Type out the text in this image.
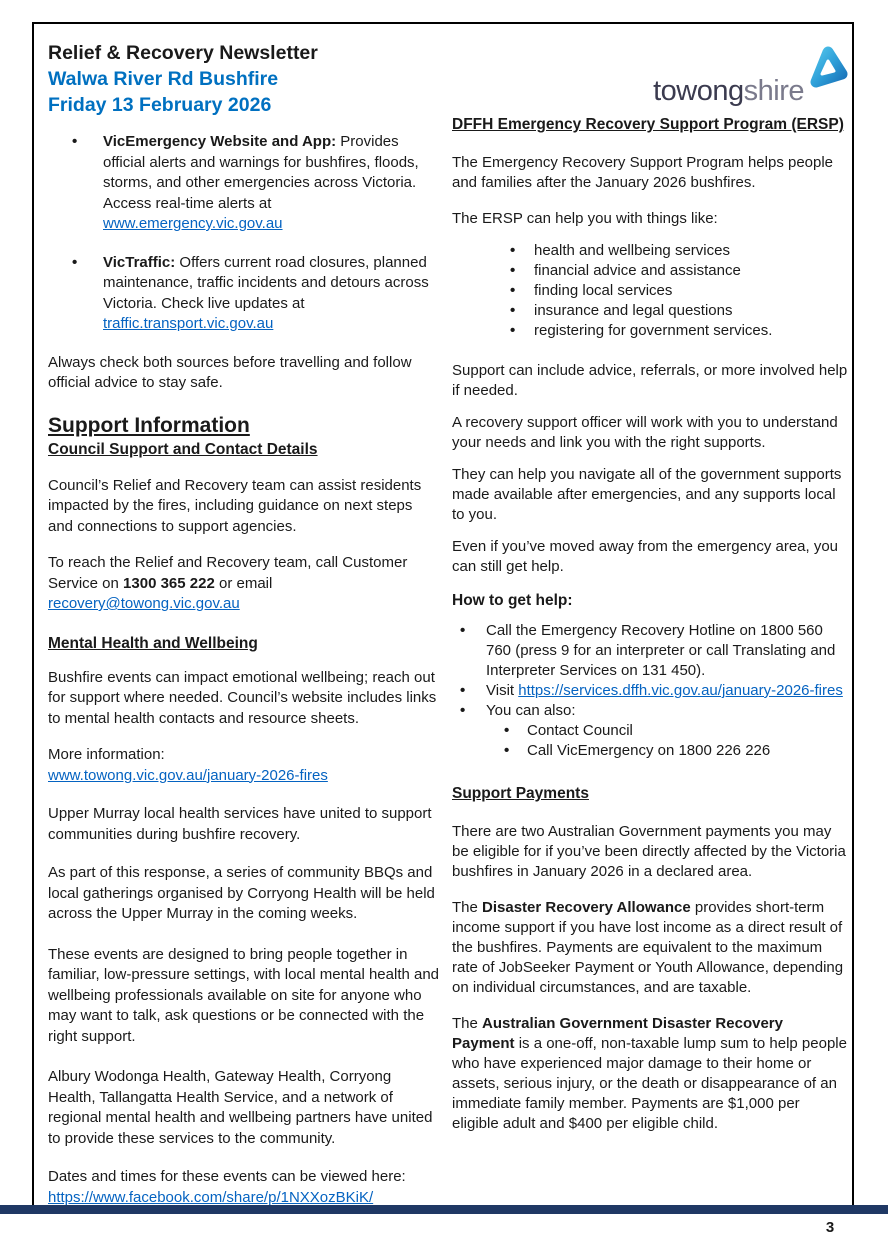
Relief & Recovery Newsletter
Walwa River Rd Bushfire
Friday 13 February 2026
• VicEmergency Website and App: Provides official alerts and warnings for bushfires, floods, storms, and other emergencies across Victoria. Access real-time alerts at www.emergency.vic.gov.au
• VicTraffic: Offers current road closures, planned maintenance, traffic incidents and detours across Victoria. Check live updates at traffic.transport.vic.gov.au

Always check both sources before travelling and follow official advice to stay safe.

Support Information
Council Support and Contact Details

Council’s Relief and Recovery team can assist residents impacted by the fires, including guidance on next steps and connections to support agencies.

To reach the Relief and Recovery team, call Customer Service on 1300 365 222 or email recovery@towong.vic.gov.au

Mental Health and Wellbeing

Bushfire events can impact emotional wellbeing; reach out for support where needed. Council’s website includes links to mental health contacts and resource sheets.

More information:
www.towong.vic.gov.au/january-2026-fires

Upper Murray local health services have united to support communities during bushfire recovery.

As part of this response, a series of community BBQs and local gatherings organised by Corryong Health will be held across the Upper Murray in the coming weeks.

These events are designed to bring people together in familiar, low-pressure settings, with local mental health and wellbeing professionals available on site for anyone who may want to talk, ask questions or be connected with the right support.

Albury Wodonga Health, Gateway Health, Corryong Health, Tallangatta Health Service, and a network of regional mental health and wellbeing partners have united to provide these services to the community.

Dates and times for these events can be viewed here:
https://www.facebook.com/share/p/1NXXozBKiK/

towongshire
DFFH Emergency Recovery Support Program (ERSP)

The Emergency Recovery Support Program helps people and families after the January 2026 bushfires.

The ERSP can help you with things like:

• health and wellbeing services
• financial advice and assistance
• finding local services
• insurance and legal questions
• registering for government services.

Support can include advice, referrals, or more involved help if needed.

A recovery support officer will work with you to understand your needs and link you with the right supports.

They can help you navigate all of the government supports made available after emergencies, and any supports local to you.

Even if you’ve moved away from the emergency area, you can still get help.

How to get help:
• Call the Emergency Recovery Hotline on 1800 560 760 (press 9 for an interpreter or call Translating and Interpreter Services on 131 450).
• Visit https://services.dffh.vic.gov.au/january-2026-fires
• You can also:
• Contact Council
• Call VicEmergency on 1800 226 226
Support Payments

There are two Australian Government payments you may be eligible for if you’ve been directly affected by the Victoria bushfires in January 2026 in a declared area.

The Disaster Recovery Allowance provides short-term income support if you have lost income as a direct result of the bushfires. Payments are equivalent to the maximum rate of JobSeeker Payment or Youth Allowance, depending on individual circumstances, and are taxable.

The Australian Government Disaster Recovery Payment is a one-off, non-taxable lump sum to help people who have experienced major damage to their home or assets, serious injury, or the death or disappearance of an immediate family member. Payments are $1,000 per eligible adult and $400 per eligible child.

3
